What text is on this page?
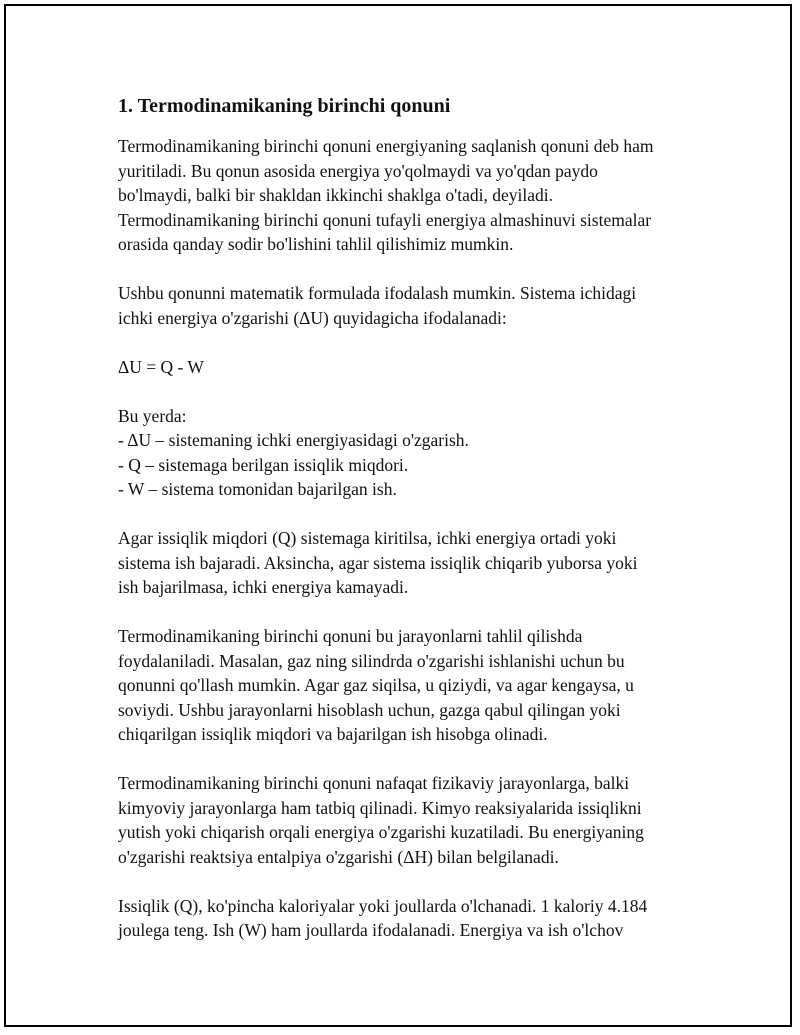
1. Termodinamikaning birinchi qonuni

Termodinamikaning birinchi qonuni energiyaning saqlanish qonuni deb ham
yuritiladi. Bu qonun asosida energiya yo'qolmaydi va yo'qdan paydo
bo'lmaydi, balki bir shakldan ikkinchi shaklga o'tadi, deyiladi.
Termodinamikaning birinchi qonuni tufayli energiya almashinuvi sistemalar
orasida qanday sodir bo'lishini tahlil qilishimiz mumkin.

Ushbu qonunni matematik formulada ifodalash mumkin. Sistema ichidagi
ichki energiya o'zgarishi (ΔU) quyidagicha ifodalanadi:

ΔU = Q - W

Bu yerda:
- ΔU – sistemaning ichki energiyasidagi o'zgarish.
- Q – sistemaga berilgan issiqlik miqdori.
- W – sistema tomonidan bajarilgan ish.

Agar issiqlik miqdori (Q) sistemaga kiritilsa, ichki energiya ortadi yoki
sistema ish bajaradi. Aksincha, agar sistema issiqlik chiqarib yuborsa yoki
ish bajarilmasa, ichki energiya kamayadi.

Termodinamikaning birinchi qonuni bu jarayonlarni tahlil qilishda
foydalaniladi. Masalan, gaz ning silindrda o'zgarishi ishlanishi uchun bu
qonunni qo'llash mumkin. Agar gaz siqilsa, u qiziydi, va agar kengaysa, u
soviydi. Ushbu jarayonlarni hisoblash uchun, gazga qabul qilingan yoki
chiqarilgan issiqlik miqdori va bajarilgan ish hisobga olinadi.

Termodinamikaning birinchi qonuni nafaqat fizikaviy jarayonlarga, balki
kimyoviy jarayonlarga ham tatbiq qilinadi. Kimyo reaksiyalarida issiqlikni
yutish yoki chiqarish orqali energiya o'zgarishi kuzatiladi. Bu energiyaning
o'zgarishi reaktsiya entalpiya o'zgarishi (ΔH) bilan belgilanadi.

Issiqlik (Q), ko'pincha kaloriyalar yoki joullarda o'lchanadi. 1 kaloriy 4.184
joulega teng. Ish (W) ham joullarda ifodalanadi. Energiya va ish o'lchov
